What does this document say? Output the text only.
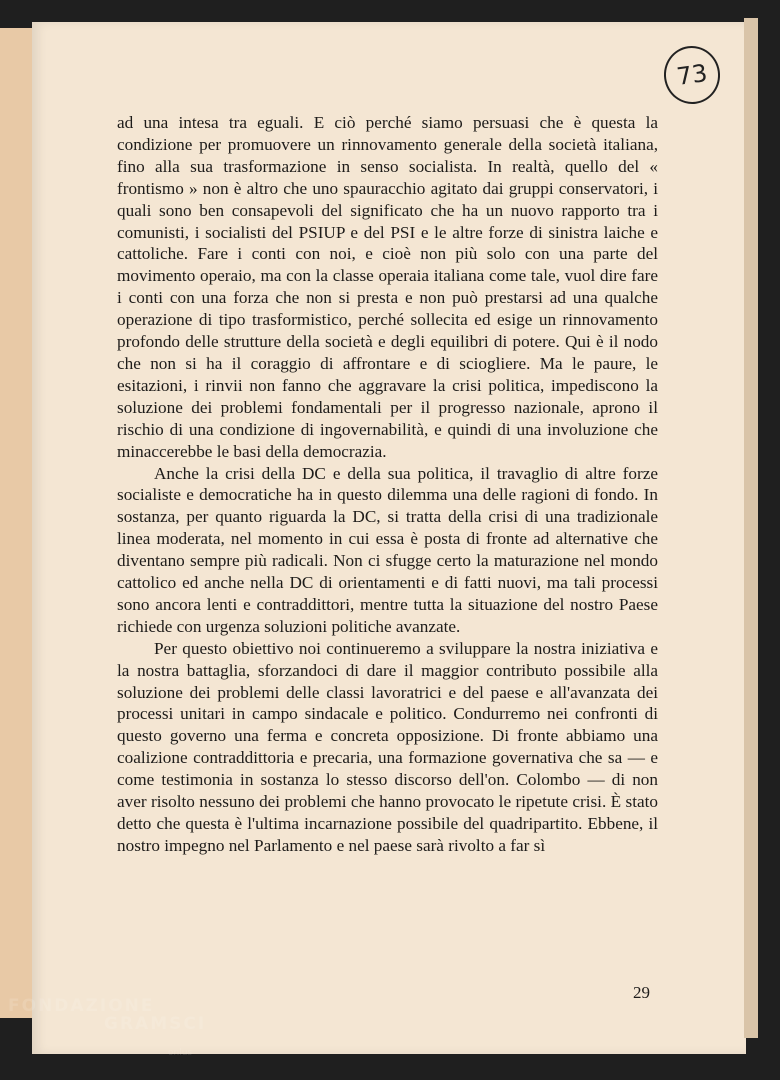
73

ad una intesa tra eguali. E ciò perché siamo persuasi che è questa la condizione per promuovere un rinnovamento generale della società italiana, fino alla sua trasformazione in senso socialista. In realtà, quello del « frontismo » non è altro che uno spauracchio agitato dai gruppi conservatori, i quali sono ben consapevoli del significato che ha un nuovo rapporto tra i comunisti, i socialisti del PSIUP e del PSI e le altre forze di sinistra laiche e cattoliche. Fare i conti con noi, e cioè non più solo con una parte del movimento operaio, ma con la classe operaia italiana come tale, vuol dire fare i conti con una forza che non si presta e non può prestarsi ad una qualche operazione di tipo trasformistico, perché sollecita ed esige un rinnovamento profondo delle strutture della società e degli equilibri di potere. Qui è il nodo che non si ha il coraggio di affrontare e di sciogliere. Ma le paure, le esitazioni, i rinvii non fanno che aggravare la crisi politica, impediscono la soluzione dei problemi fondamentali per il progresso nazionale, aprono il rischio di una condizione di ingovernabilità, e quindi di una involuzione che minaccerebbe le basi della democrazia.

Anche la crisi della DC e della sua politica, il travaglio di altre forze socialiste e democratiche ha in questo dilemma una delle ragioni di fondo. In sostanza, per quanto riguarda la DC, si tratta della crisi di una tradizionale linea moderata, nel momento in cui essa è posta di fronte ad alternative che diventano sempre più radicali. Non ci sfugge certo la maturazione nel mondo cattolico ed anche nella DC di orientamenti e di fatti nuovi, ma tali processi sono ancora lenti e contraddittori, mentre tutta la situazione del nostro Paese richiede con urgenza soluzioni politiche avanzate.

Per questo obiettivo noi continueremo a sviluppare la nostra iniziativa e la nostra battaglia, sforzandoci di dare il maggior contributo possibile alla soluzione dei problemi delle classi lavoratrici e del paese e all'avanzata dei processi unitari in campo sindacale e politico. Condurremo nei confronti di questo governo una ferma e concreta opposizione. Di fronte abbiamo una coalizione contraddittoria e precaria, una formazione governativa che sa — e come testimonia in sostanza lo stesso discorso dell'on. Colombo — di non aver risolto nessuno dei problemi che hanno provocato le ripetute crisi. È stato detto che questa è l'ultima incarnazione possibile del quadripartito. Ebbene, il nostro impegno nel Parlamento e nel paese sarà rivolto a far sì

29
FONDAZIONE
GRAMSCI
onlus
